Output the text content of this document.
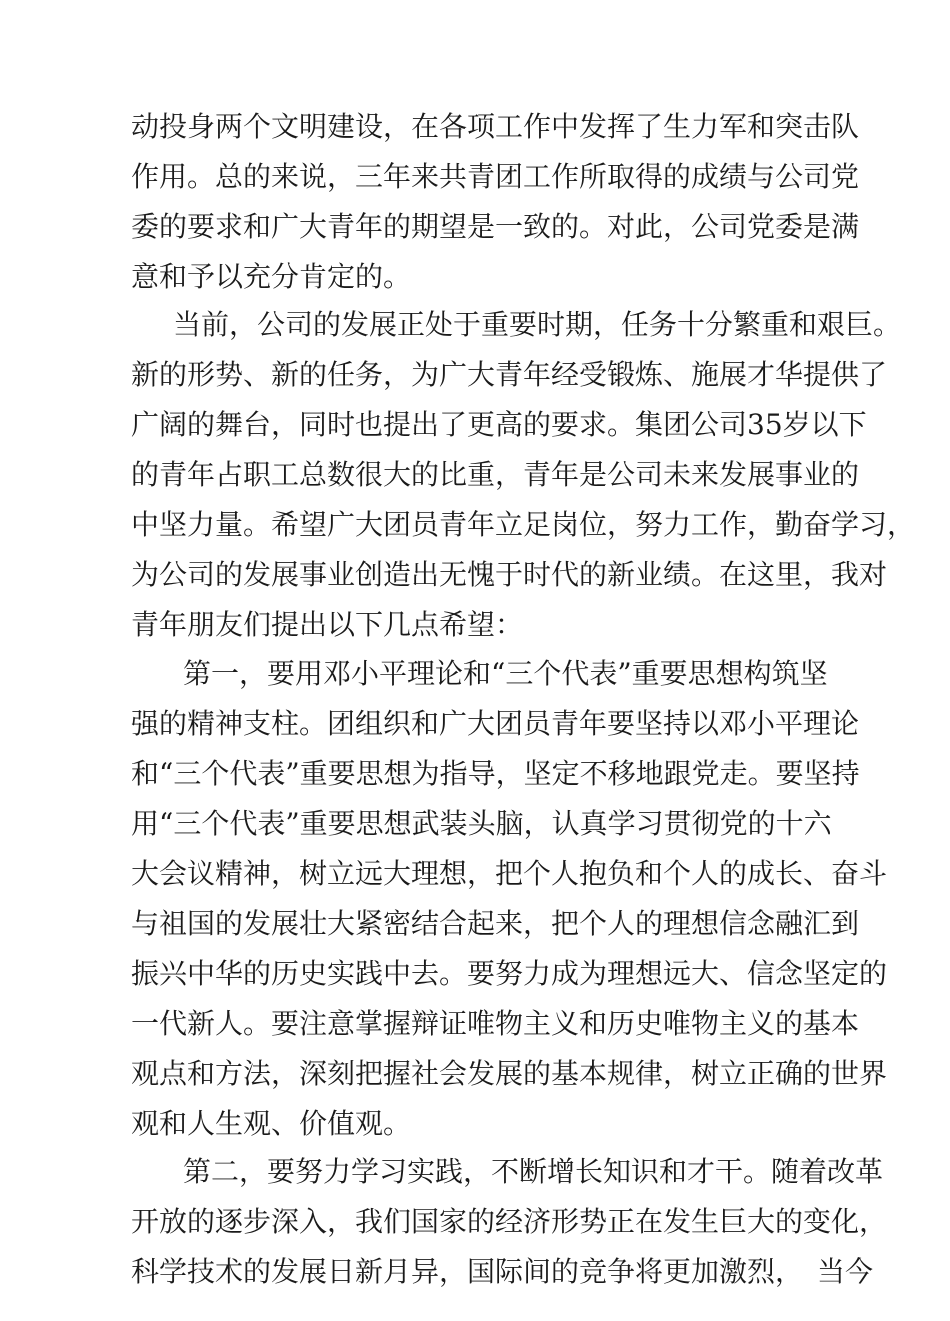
动投身两个文明建设，在各项工作中发挥了生力军和突击队
作用。总的来说，三年来共青团工作所取得的成绩与公司党
委的要求和广大青年的期望是一致的。对此，公司党委是满
意和予以充分肯定的。
当前，公司的发展正处于重要时期，任务十分繁重和艰巨。
新的形势、新的任务，为广大青年经受锻炼、施展才华提供了
广阔的舞台，同时也提出了更高的要求。集团公司35岁以下
的青年占职工总数很大的比重，青年是公司未来发展事业的
中坚力量。希望广大团员青年立足岗位，努力工作，勤奋学习，
为公司的发展事业创造出无愧于时代的新业绩。在这里，我对
青年朋友们提出以下几点希望：
第一，要用邓小平理论和“三个代表”重要思想构筑坚
强的精神支柱。团组织和广大团员青年要坚持以邓小平理论
和“三个代表”重要思想为指导，坚定不移地跟党走。要坚持
用“三个代表”重要思想武装头脑，认真学习贯彻党的十六
大会议精神，树立远大理想，把个人抱负和个人的成长、奋斗
与祖国的发展壮大紧密结合起来，把个人的理想信念融汇到
振兴中华的历史实践中去。要努力成为理想远大、信念坚定的
一代新人。要注意掌握辩证唯物主义和历史唯物主义的基本
观点和方法，深刻把握社会发展的基本规律，树立正确的世界
观和人生观、价值观。
第二，要努力学习实践，不断增长知识和才干。随着改革
开放的逐步深入，我们国家的经济形势正在发生巨大的变化，
科学技术的发展日新月异，国际间的竞争将更加激烈，　当今
